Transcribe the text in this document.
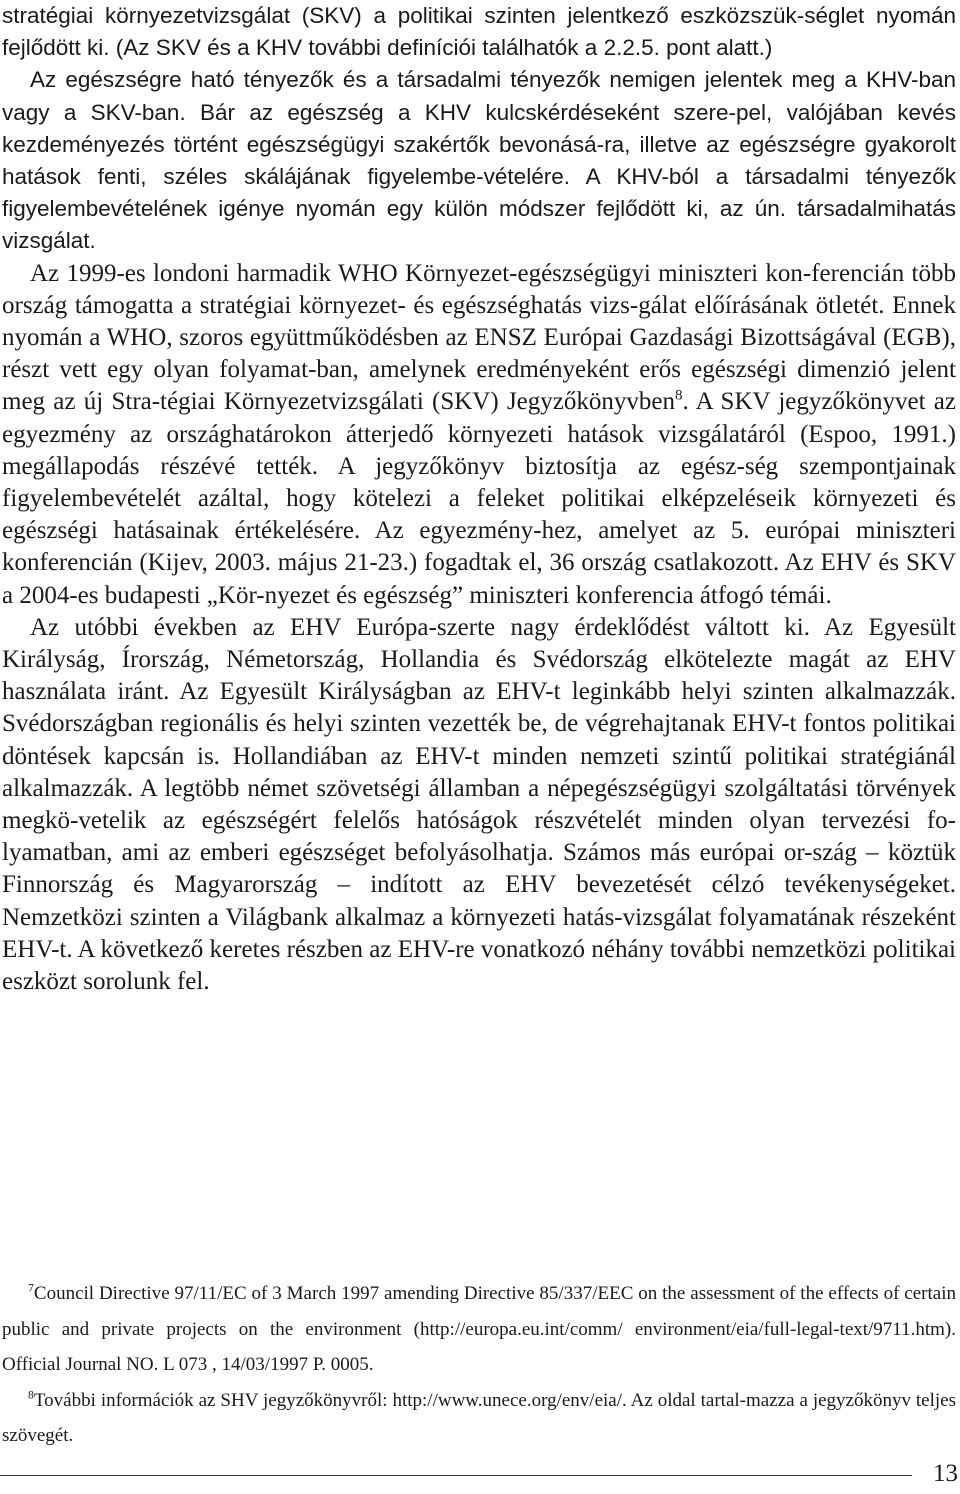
stratégiai környezetvizsgálat (SKV) a politikai szinten jelentkező eszközszük-séglet nyomán fejlődött ki. (Az SKV és a KHV további definíciói találhatók a 2.2.5. pont alatt.)

Az egészségre ható tényezők és a társadalmi tényezők nemigen jelentek meg a KHV-ban vagy a SKV-ban. Bár az egészség a KHV kulcskérdéseként szere-pel, valójában kevés kezdeményezés történt egészségügyi szakértők bevonásá-ra, illetve az egészségre gyakorolt hatások fenti, széles skálájának figyelembe-vételére. A KHV-ból a társadalmi tényezők figyelembevételének igénye nyomán egy külön módszer fejlődött ki, az ún. társadalmihatás vizsgálat.

Az 1999-es londoni harmadik WHO Környezet-egészségügyi miniszteri kon-ferencián több ország támogatta a stratégiai környezet- és egészséghatás vizs-gálat előírásának ötletét. Ennek nyomán a WHO, szoros együttműködésben az ENSZ Európai Gazdasági Bizottságával (EGB), részt vett egy olyan folyamat-ban, amelynek eredményeként erős egészségi dimenzió jelent meg az új Stra-tégiai Környezetvizsgálati (SKV) Jegyzőkönyvben$^8$. A SKV jegyzőkönyvet az egyezmény az országhatárokon átterjedő környezeti hatások vizsgálatáról (Espoo, 1991.) megállapodás részévé tették. A jegyzőkönyv biztosítja az egész-ség szempontjainak figyelembevételét azáltal, hogy kötelezi a feleket politikai elképzeléseik környezeti és egészségi hatásainak értékelésére. Az egyezmény-hez, amelyet az 5. európai miniszteri konferencián (Kijev, 2003. május 21-23.) fogadtak el, 36 ország csatlakozott. Az EHV és SKV a 2004-es budapesti „Kör-nyezet és egészség” miniszteri konferencia átfogó témái.

Az utóbbi években az EHV Európa-szerte nagy érdeklődést váltott ki. Az Egyesült Királyság, Írország, Németország, Hollandia és Svédország elkötelezte magát az EHV használata iránt. Az Egyesült Királyságban az EHV-t leginkább helyi szinten alkalmazzák. Svédországban regionális és helyi szinten vezették be, de végrehajtanak EHV-t fontos politikai döntések kapcsán is. Hollandiában az EHV-t minden nemzeti szintű politikai stratégiánál alkalmazzák. A legtöbb német szövetségi államban a népegészségügyi szolgáltatási törvények megkö-vetelik az egészségért felelős hatóságok részvételét minden olyan tervezési fo-lyamatban, ami az emberi egészséget befolyásolhatja. Számos más európai or-szág – köztük Finnország és Magyarország – indított az EHV bevezetését célzó tevékenységeket. Nemzetközi szinten a Világbank alkalmaz a környezeti hatás-vizsgálat folyamatának részeként EHV-t. A következő keretes részben az EHV-re vonatkozó néhány további nemzetközi politikai eszközt sorolunk fel.

$^7$Council Directive 97/11/EC of 3 March 1997 amending Directive 85/337/EEC on the assessment of the effects of certain public and private projects on the environment (http://europa.eu.int/comm/ environment/eia/full-legal-text/9711.htm). Official Journal NO. L 073 , 14/03/1997 P. 0005.

$^8$További információk az SHV jegyzőkönyvről: http://www.unece.org/env/eia/. Az oldal tartal-mazza a jegyzőkönyv teljes szövegét.

13
